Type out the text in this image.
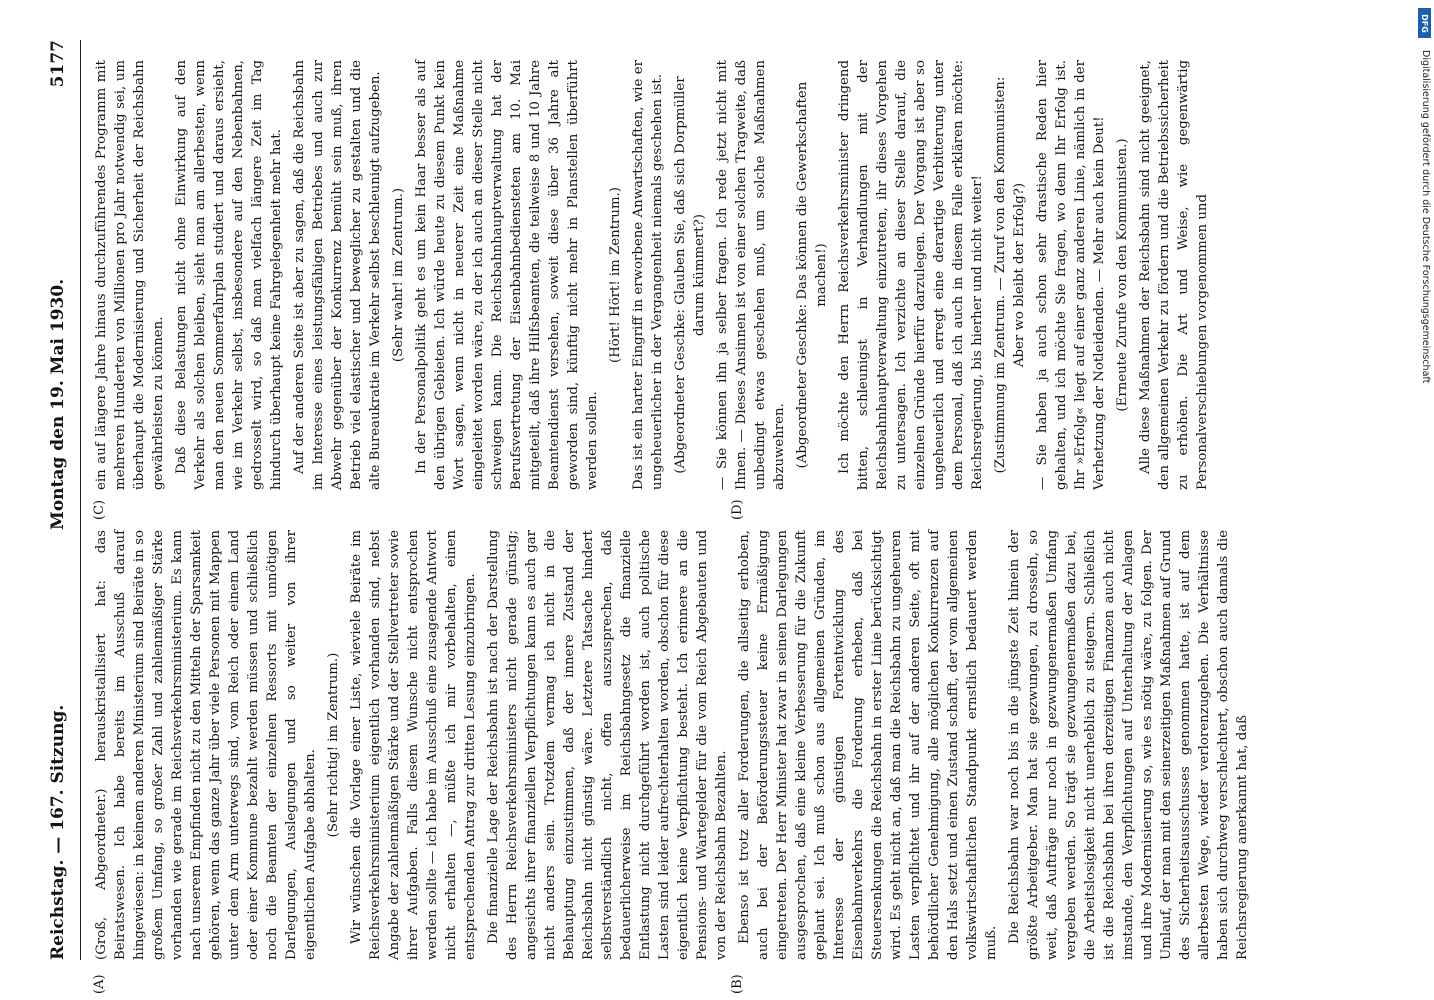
Reichstag. — 167. Sitzung.
Montag den 19. Mai 1930.
5177
(A)	(B)
(C)	(D)

(Groß, Abgeordneter.) herauskristallisiert hat: das Beiratswesen. Ich habe bereits im Ausschuß darauf hingewiesen: in keinem anderen Ministerium sind Beiräte in so großem Umfang, so großer Zahl und zahlenmäßiger Stärke vorhanden wie gerade im Reichsverkehrsministerium. Es kann nach unserem Empfinden nicht zu den Mitteln der Sparsamkeit gehören, wenn das ganze Jahr über viele Personen mit Mappen unter dem Arm unterwegs sind, vom Reich oder einem Land oder einer Kommune bezahlt werden müssen und schließlich noch die Beamten der einzelnen Ressorts mit unnötigen Darlegungen, Auslegungen und so weiter von ihrer eigentlichen Aufgabe abhalten.

(Sehr richtig! im Zentrum.) Wir wünschen die Vorlage einer Liste, wieviele Beiräte im Reichsverkehrsministerium eigentlich vorhanden sind, nebst Angabe der zahlenmäßigen Stärke und der Stellvertreter sowie ihrer Aufgaben. Falls diesem Wunsche nicht entsprochen werden sollte — ich habe im Ausschuß eine zusagende Antwort nicht erhalten —, müßte ich mir vorbehalten, einen entsprechenden Antrag zur dritten Lesung einzubringen. Die finanzielle Lage der Reichsbahn ist nach der Darstellung des Herrn Reichsverkehrsministers nicht gerade günstig; angesichts ihrer finanziellen Verpflichtungen kann es auch gar nicht anders sein. Trotzdem vermag ich nicht in die Behauptung einzustimmen, daß der innere Zustand der Reichsbahn nicht günstig wäre. Letztere Tatsache hindert selbstverständlich nicht, offen auszusprechen, daß bedauerlicherweise im Reichsbahngesetz die finanzielle Entlastung nicht durchgeführt worden ist, auch politische Lasten sind leider aufrechterhalten worden, obschon für diese eigentlich keine Verpflichtung besteht. Ich erinnere an die Pensions- und Wartegelder für die vom Reich Abgebauten und von der Reichsbahn Bezahlten. Ebenso ist trotz aller Forderungen, die allseitig erhoben, auch bei der Beförderungssteuer keine Ermäßigung eingetreten. Der Herr Minister hat zwar in seinen Darlegungen ausgesprochen, daß eine kleine Verbesserung für die Zukunft geplant sei. Ich muß schon aus allgemeinen Gründen, im Interesse der günstigen Fortentwicklung des Eisenbahnverkehrs die Forderung erheben, daß bei Steuersenkungen die Reichsbahn in erster Linie berücksichtigt wird. Es geht nicht an, daß man die Reichsbahn zu ungeheuren Lasten verpflichtet und ihr auf der anderen Seite, oft mit behördlicher Genehmigung, alle möglichen Konkurrenzen auf den Hals setzt und einen Zustand schafft, der vom allgemeinen volkswirtschaftlichen Standpunkt ernstlich bedauert werden muß. Die Reichsbahn war noch bis in die jüngste Zeit hinein der größte Arbeitgeber. Man hat sie gezwungen, zu drosseln, so weit, daß Aufträge nur noch in gezwungenermaßen Umfang vergeben werden. So trägt sie gezwungenermaßen dazu bei, die Arbeitslosigkeit nicht unerheblich zu steigern. Schließlich ist die Reichsbahn bei ihren derzeitigen Finanzen auch nicht imstande, den Verpflichtungen auf Unterhaltung der Anlagen und ihre Modernisierung so, wie es nötig wäre, zu folgen. Der Umlauf, der man mit den seinerzeitigen Maßnahmen auf Grund des Sicherheitsausschusses genommen hatte, ist auf dem allerbesten Wege, wieder verlorenzugehen. Die Verhältnisse haben sich durchweg verschlechtert, obschon auch damals die Reichsregierung anerkannt hat, daß

ein auf längere Jahre hinaus durchzuführendes Programm mit mehreren Hunderten von Millionen pro Jahr notwendig sei, um überhaupt die Modernisierung und Sicherheit der Reichsbahn gewährleisten zu können. Daß diese Belastungen nicht ohne Einwirkung auf den Verkehr als solchen bleiben, sieht man am allerbesten, wenn man den neuen Sommerfahrplan studiert und daraus ersieht, wie im Verkehr selbst, insbesondere auf den Nebenbahnen, gedrosselt wird, so daß man vielfach längere Zeit im Tag hindurch überhaupt keine Fahrgelegenheit mehr hat. Auf der anderen Seite ist aber zu sagen, daß die Reichsbahn im Interesse eines leistungsfähigen Betriebes und auch zur Abwehr gegenüber der Konkurrenz bemüht sein muß, ihren Betrieb viel elastischer und beweglicher zu gestalten und die alte Bureaukratie im Verkehr selbst beschleunigt aufzugeben. (Sehr wahr! im Zentrum.) In der Personalpolitik geht es um kein Haar besser als auf den übrigen Gebieten. Ich würde heute zu diesem Punkt kein Wort sagen, wenn nicht in neuerer Zeit eine Maßnahme eingeleitet worden wäre, zu der ich auch an dieser Stelle nicht schweigen kann. Die Reichsbahnhauptverwaltung hat der Berufsvertretung der Eisenbahnbediensteten am 10. Mai mitgeteilt, daß ihre Hilfsbeamten, die teilweise 8 und 10 Jahre Beamtendienst versehen, soweit diese über 36 Jahre alt geworden sind, künftig nicht mehr in Planstellen überführt werden sollen.

(Hört! Hört! im Zentrum.) Das ist ein harter Eingriff in erworbene Anwartschaften, wie er ungeheuerlicher in der Vergangenheit niemals geschehen ist. (Abgeordneter Geschke: Glauben Sie, daß sich Dorpmüller darum kümmert?) — Sie können ihn ja selber fragen. Ich rede jetzt nicht mit Ihnen. — Dieses Ansinnen ist von einer solchen Tragweite, daß unbedingt etwas geschehen muß, um solche Maßnahmen abzuwehren. (Abgeordneter Geschke: Das können die Gewerkschaften machen!) Ich möchte den Herrn Reichsverkehrsminister dringend bitten, schleunigst in Verhandlungen mit der Reichsbahnhauptverwaltung einzutreten, ihr dieses Vorgehen zu untersagen. Ich verzichte an dieser Stelle darauf, die einzelnen Gründe hierfür darzulegen. Der Vorgang ist aber so ungeheuerlich und erregt eine derartige Verbitterung unter dem Personal, daß ich auch in diesem Falle erklären möchte: Reichsregierung, bis hierher und nicht weiter! (Zustimmung im Zentrum. — Zuruf von den Kommunisten: Aber wo bleibt der Erfolg?) — Sie haben ja auch schon sehr drastische Reden hier gehalten, und ich möchte Sie fragen, wo denn Ihr Erfolg ist. Ihr »Erfolg« liegt auf einer ganz anderen Linie, nämlich in der Verhetzung der Notleidenden. — Mehr auch kein Deut! (Erneute Zurufe von den Kommunisten.) Alle diese Maßnahmen der Reichsbahn sind nicht geeignet, den allgemeinen Verkehr zu fördern und die Betriebssicherheit zu erhöhen. Die Art und Weise, wie gegenwärtig Personalverschiebungen vorgenommen und

DFG
Digitalisierung gefördert durch die Deutsche Forschungsgemeinschaft
